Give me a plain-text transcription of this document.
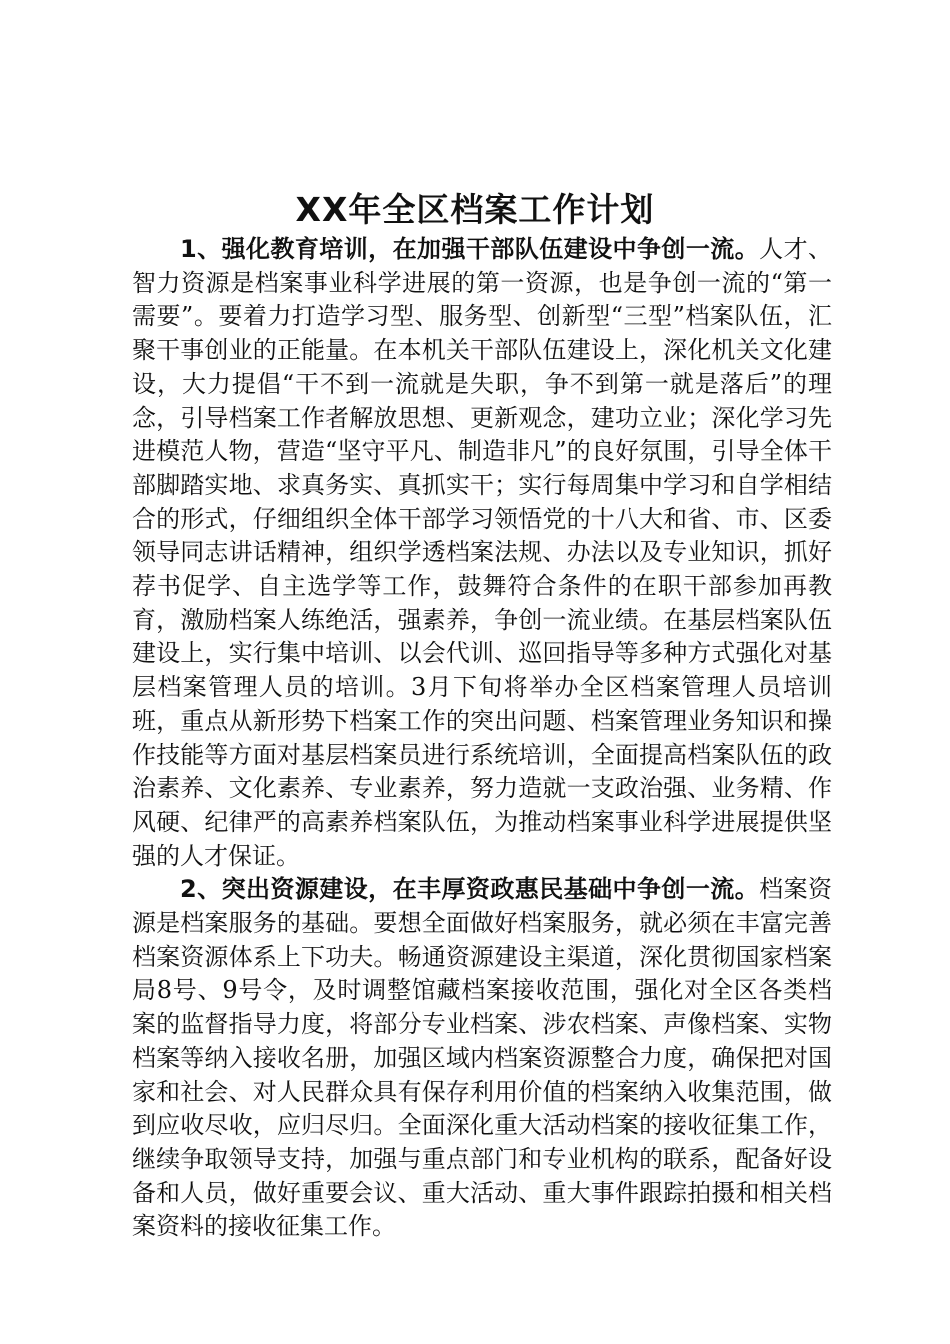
XX年全区档案工作计划

1、强化教育培训，在加强干部队伍建设中争创一流。人才、智力资源是档案事业科学进展的第一资源，也是争创一流的“第一需要”。要着力打造学习型、服务型、创新型“三型”档案队伍，汇聚干事创业的正能量。在本机关干部队伍建设上，深化机关文化建设，大力提倡“干不到一流就是失职，争不到第一就是落后”的理念，引导档案工作者解放思想、更新观念，建功立业；深化学习先进模范人物，营造“坚守平凡、制造非凡”的良好氛围，引导全体干部脚踏实地、求真务实、真抓实干；实行每周集中学习和自学相结合的形式，仔细组织全体干部学习领悟党的十八大和省、市、区委领导同志讲话精神，组织学透档案法规、办法以及专业知识，抓好荐书促学、自主选学等工作，鼓舞符合条件的在职干部参加再教育，激励档案人练绝活，强素养，争创一流业绩。在基层档案队伍建设上，实行集中培训、以会代训、巡回指导等多种方式强化对基层档案管理人员的培训。3月下旬将举办全区档案管理人员培训班，重点从新形势下档案工作的突出问题、档案管理业务知识和操作技能等方面对基层档案员进行系统培训，全面提高档案队伍的政治素养、文化素养、专业素养，努力造就一支政治强、业务精、作风硬、纪律严的高素养档案队伍，为推动档案事业科学进展提供坚强的人才保证。

2、突出资源建设，在丰厚资政惠民基础中争创一流。档案资源是档案服务的基础。要想全面做好档案服务，就必须在丰富完善档案资源体系上下功夫。畅通资源建设主渠道，深化贯彻国家档案局8号、9号令，及时调整馆藏档案接收范围，强化对全区各类档案的监督指导力度，将部分专业档案、涉农档案、声像档案、实物档案等纳入接收名册，加强区域内档案资源整合力度，确保把对国家和社会、对人民群众具有保存利用价值的档案纳入收集范围，做到应收尽收，应归尽归。全面深化重大活动档案的接收征集工作，继续争取领导支持，加强与重点部门和专业机构的联系，配备好设备和人员，做好重要会议、重大活动、重大事件跟踪拍摄和相关档案资料的接收征集工作。
